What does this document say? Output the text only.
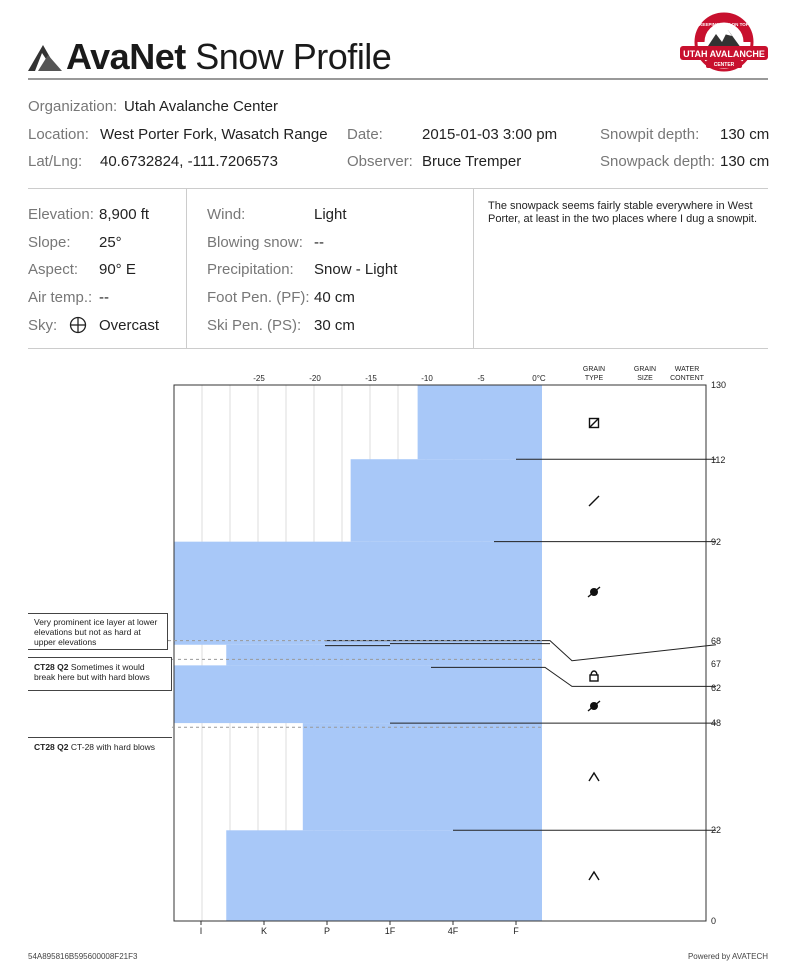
AvaNet Snow Profile
KEEPING YOU ON TOP
UTAH AVALANCHE
CENTER
Organization: Utah Avalanche Center
Location: West Porter Fork, Wasatch Range Date:	2015-01-03 3:00 pm	Snowpit depth: 130 cm
Lat/Lng: 40.6732824, -111.7206573	Observer: Bruce Tremper	Snowpack depth: 130 cm
Elevation: 8,900 ft
Slope: 25°
Aspect: 90° E
Air temp.: --
Sky:	Overcast
Wind:	Light
Blowing snow: --
Precipitation: Snow - Light
Foot Pen. (PF): 40 cm
Ski Pen. (PS): 30 cm
The snowpack seems fairly stable everywhere in West Porter, at least in the two places where I dug a snowpit.
-25	-20	-15	-10	-5	0°C
I	K	P	1F	4F	F
GRAIN
TYPE
GRAIN
SIZE
WATER
CONTENT
130
112
92
68
67
62
48
22
0
Very prominent ice layer at lower elevations but not as hard at upper elevations
CT28 Q2 Sometimes it would break here but with hard blows
CT28 Q2 CT-28 with hard blows
54A895816B595600008F21F3	Powered by AVATECH
